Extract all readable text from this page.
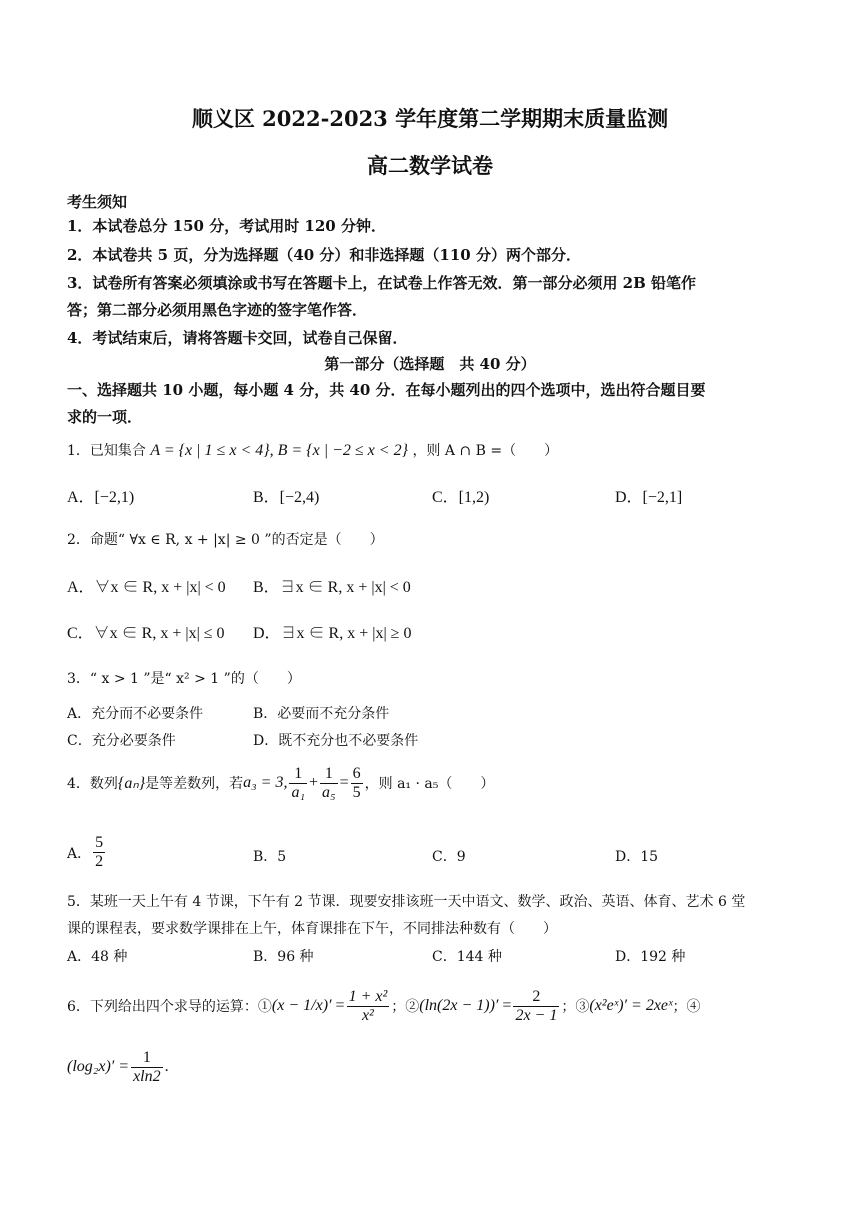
顺义区 2022-2023 学年度第二学期期末质量监测
高二数学试卷
考生须知
1．本试卷总分 150 分，考试用时 120 分钟．
2．本试卷共 5 页，分为选择题（40 分）和非选择题（110 分）两个部分．
3．试卷所有答案必须填涂或书写在答题卡上，在试卷上作答无效．第一部分必须用 2B 铅笔作
答；第二部分必须用黑色字迹的签字笔作答．
4．考试结束后，请将答题卡交回，试卷自己保留．
第一部分（选择题　共 40 分）
一、选择题共 10 小题，每小题 4 分，共 40 分．在每小题列出的四个选项中，选出符合题目要
求的一项．
1．已知集合 A = {x | 1 ≤ x < 4}, B = {x | −2 ≤ x < 2} ，则 A ∩ B =（　　）
A．[−2,1)	B．[−2,4)	C．[1,2)	D．[−2,1]
2．命题“ ∀x ∈ R, x + |x| ≥ 0 ”的否定是（　　）
A．∀x ∈ R, x + |x| < 0 B．∃x ∈ R, x + |x| < 0
C．∀x ∈ R, x + |x| ≤ 0 D．∃x ∈ R, x + |x| ≥ 0
3．“ x > 1 ”是“ x² > 1 ”的（　　）
A．充分而不必要条件	B．必要而不充分条件
C．充分必要条件	D．既不充分也不必要条件
4．数列 {aₙ} 是等差数列，若 a₃ = 3, $\frac{1}{\text{a₁}} + \frac{1}{\text{a₅}} = \frac{6}{5}$ ，则 a₁ · a₅（　　）
A． $\frac{5}{2}$	B．5	C．9	D．15
5．某班一天上午有 4 节课，下午有 2 节课．现要安排该班一天中语文、数学、政治、英语、体育、艺术 6 堂
课的课程表，要求数学课排在上午，体育课排在下午，不同排法种数有（　　）
A．48 种	B．96 种	C．144 种	D．192 种
6．下列给出四个求导的运算：① $(x - 1/x)' = \frac{\text{1 + x²}}{\text{x²}}$ ；② $(\ln(2x - 1))' = \frac{2}{2x - 1}$ ；③ (x²eˣ)′ = 2xeˣ ；④
$(\log_2x)' = \frac{1}{xln2}$ .
